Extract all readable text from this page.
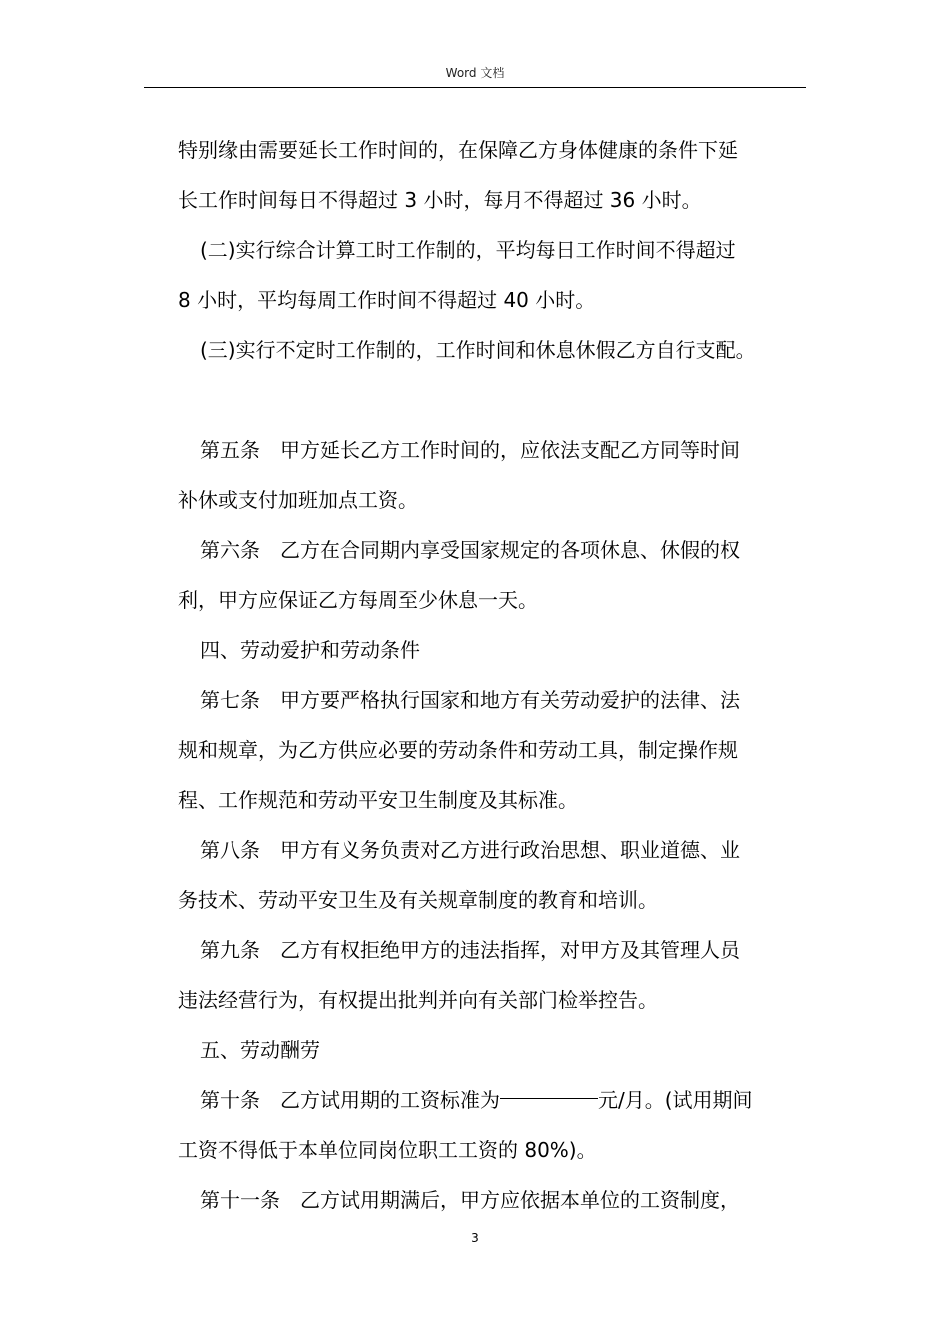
Word 文档
特别缘由需要延长工作时间的，在保障乙方身体健康的条件下延
长工作时间每日不得超过 3 小时，每月不得超过 36 小时。
(二)实行综合计算工时工作制的，平均每日工作时间不得超过
8 小时，平均每周工作时间不得超过 40 小时。
(三)实行不定时工作制的，工作时间和休息休假乙方自行支配。
第五条　甲方延长乙方工作时间的，应依法支配乙方同等时间
补休或支付加班加点工资。
第六条　乙方在合同期内享受国家规定的各项休息、休假的权
利，甲方应保证乙方每周至少休息一天。
四、劳动爱护和劳动条件
第七条　甲方要严格执行国家和地方有关劳动爱护的法律、法
规和规章，为乙方供应必要的劳动条件和劳动工具，制定操作规
程、工作规范和劳动平安卫生制度及其标准。
第八条　甲方有义务负责对乙方进行政治思想、职业道德、业
务技术、劳动平安卫生及有关规章制度的教育和培训。
第九条　乙方有权拒绝甲方的违法指挥，对甲方及其管理人员
违法经营行为，有权提出批判并向有关部门检举控告。
五、劳动酬劳
第十条　乙方试用期的工资标准为	元/月。(试用期间
工资不得低于本单位同岗位职工工资的 80%)。
第十一条　乙方试用期满后，甲方应依据本单位的工资制度，
3
